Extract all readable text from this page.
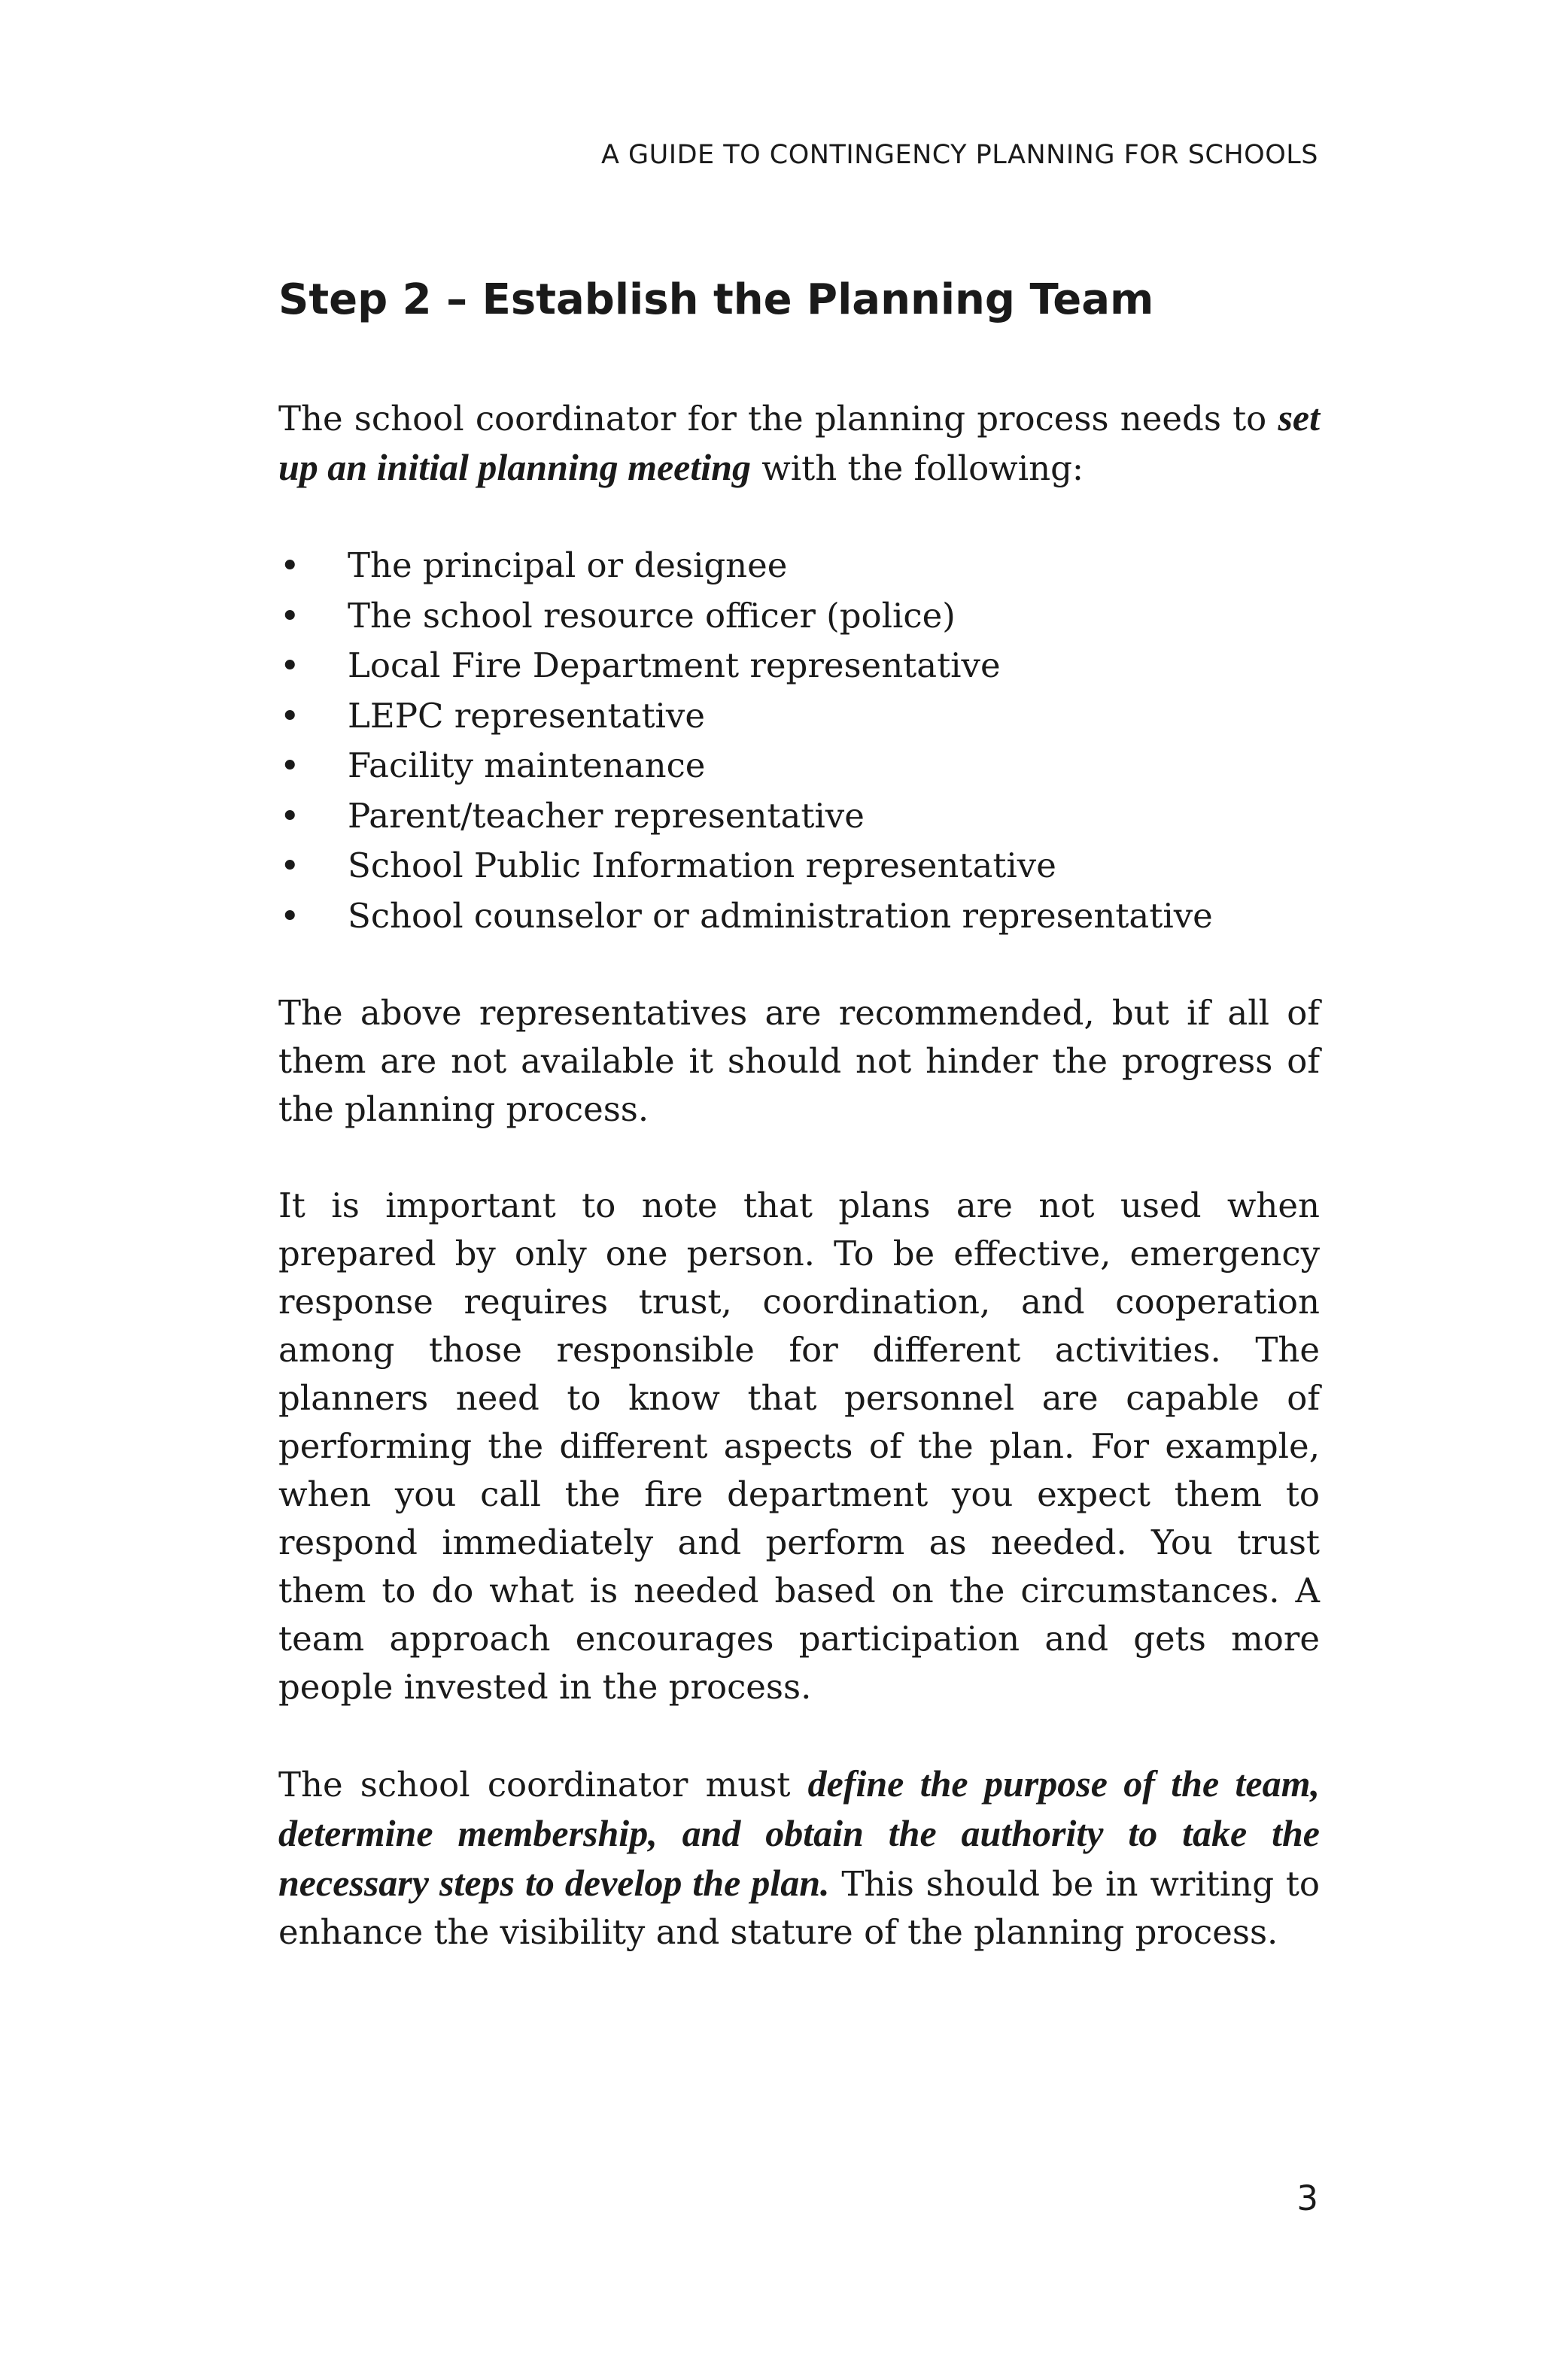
A GUIDE TO CONTINGENCY PLANNING FOR SCHOOLS
Step 2 – Establish the Planning Team

The school coordinator for the planning process needs to set up an initial planning meeting with the following:

• The principal or designee
• The school resource officer (police)
• Local Fire Department representative
• LEPC representative
• Facility maintenance
• Parent/teacher representative
• School Public Information representative
• School counselor or administration representative

The above representatives are recommended, but if all of them are not available it should not hinder the progress of the planning process.

It is important to note that plans are not used when prepared by only one person. To be effective, emergency response requires trust, coordination, and cooperation among those responsible for different activities. The planners need to know that personnel are capable of performing the different aspects of the plan. For example, when you call the fire department you expect them to respond immediately and perform as needed. You trust them to do what is needed based on the circumstances. A team approach encourages participation and gets more people invested in the process.

The school coordinator must define the purpose of the team, determine membership, and obtain the authority to take the necessary steps to develop the plan. This should be in writing to enhance the visibility and stature of the planning process.

3
